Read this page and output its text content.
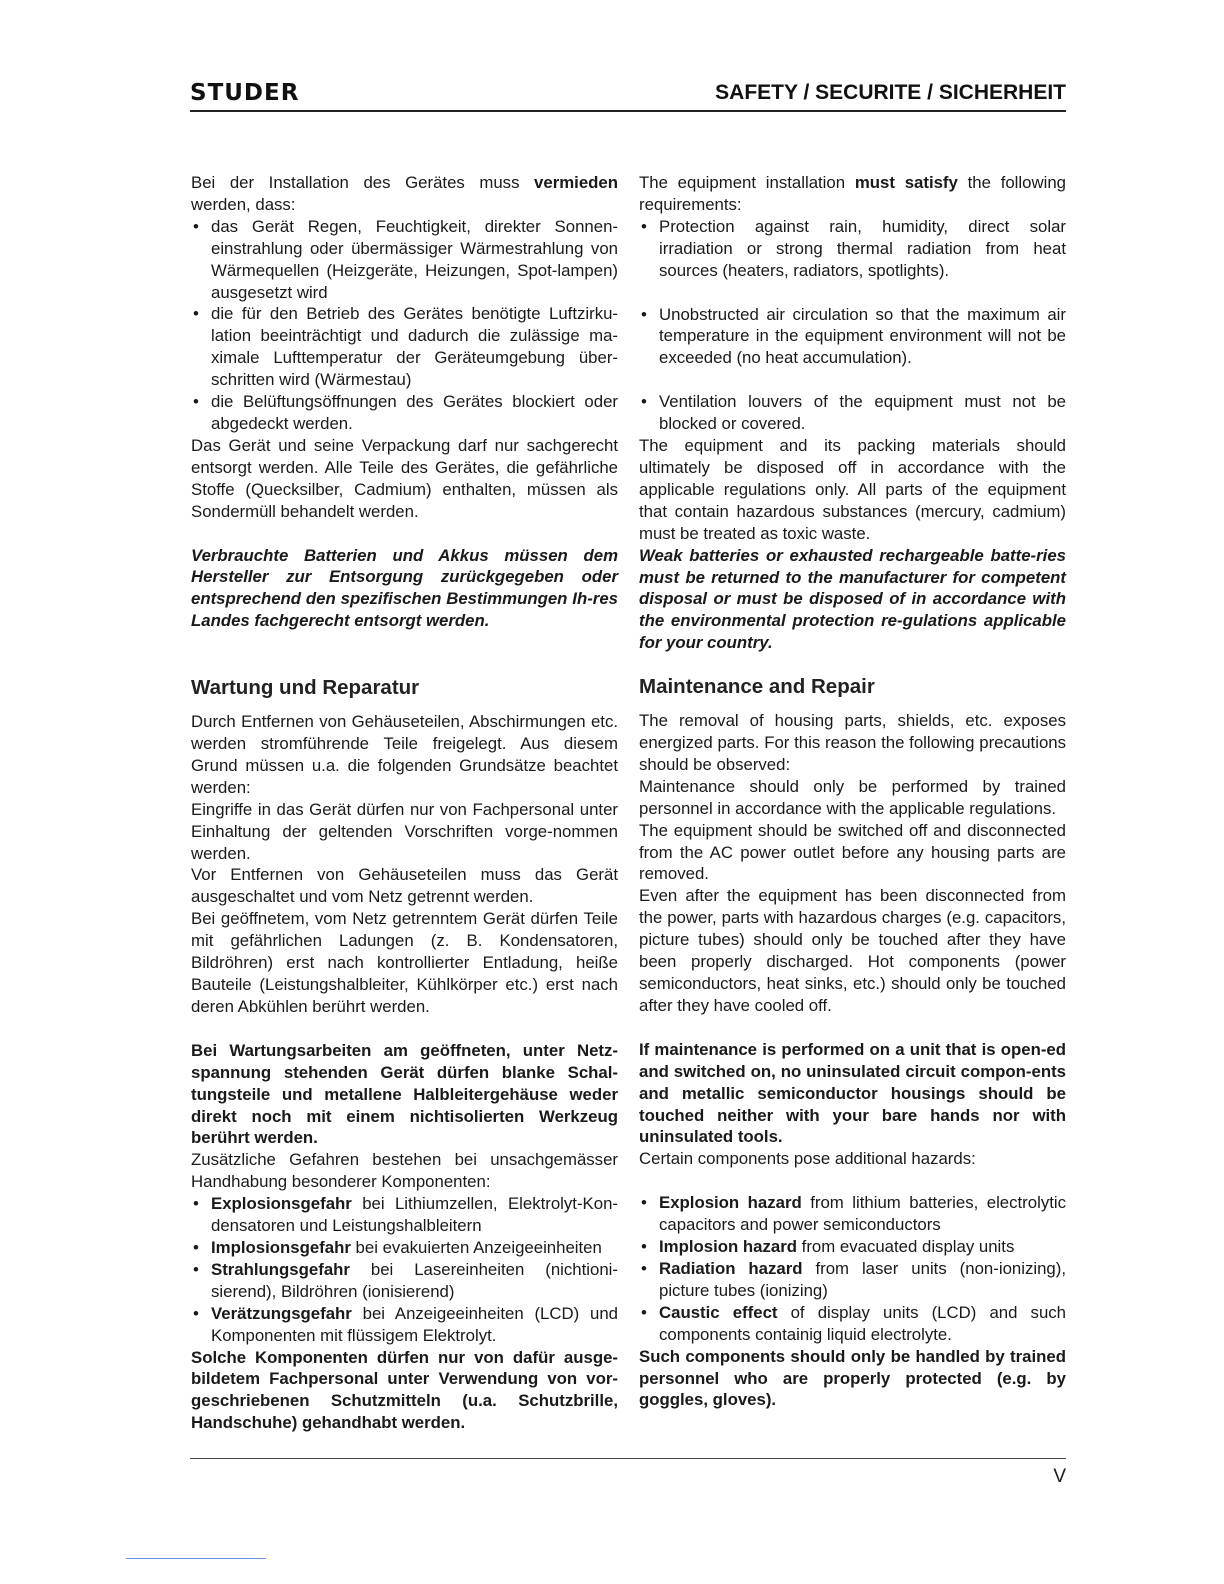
STUDER	SAFETY / SECURITE / SICHERHEIT

Bei der Installation des Gerätes muss vermieden werden, dass:

• das Gerät Regen, Feuchtigkeit, direkter Sonnen-einstrahlung oder übermässiger Wärmestrahlung von Wärmequellen (Heizgeräte, Heizungen, Spot-lampen) ausgesetzt wird
• die für den Betrieb des Gerätes benötigte Luftzirku-lation beeinträchtigt und dadurch die zulässige ma-ximale Lufttemperatur der Geräteumgebung über-schritten wird (Wärmestau)
• die Belüftungsöffnungen des Gerätes blockiert oder abgedeckt werden.

Das Gerät und seine Verpackung darf nur sachgerecht entsorgt werden. Alle Teile des Gerätes, die gefährliche Stoffe (Quecksilber, Cadmium) enthalten, müssen als Sondermüll behandelt werden.

Verbrauchte Batterien und Akkus müssen dem Hersteller zur Entsorgung zurückgegeben oder entsprechend den spezifischen Bestimmungen Ih-res Landes fachgerecht entsorgt werden.

Wartung und Reparatur

Durch Entfernen von Gehäuseteilen, Abschirmungen etc. werden stromführende Teile freigelegt. Aus diesem Grund müssen u.a. die folgenden Grundsätze beachtet werden:

Eingriffe in das Gerät dürfen nur von Fachpersonal unter Einhaltung der geltenden Vorschriften vorge-nommen werden.

Vor Entfernen von Gehäuseteilen muss das Gerät ausgeschaltet und vom Netz getrennt werden.

Bei geöffnetem, vom Netz getrenntem Gerät dürfen Teile mit gefährlichen Ladungen (z. B. Kondensatoren, Bildröhren) erst nach kontrollierter Entladung, heiße Bauteile (Leistungshalbleiter, Kühlkörper etc.) erst nach deren Abkühlen berührt werden.

Bei Wartungsarbeiten am geöffneten, unter Netz-spannung stehenden Gerät dürfen blanke Schal-tungsteile und metallene Halbleitergehäuse weder direkt noch mit einem nichtisolierten Werkzeug berührt werden.

Zusätzliche Gefahren bestehen bei unsachgemässer Handhabung besonderer Komponenten:

• Explosionsgefahr bei Lithiumzellen, Elektrolyt-Kon-densatoren und Leistungshalbleitern
• Implosionsgefahr bei evakuierten Anzeigeeinheiten
• Strahlungsgefahr bei Lasereinheiten (nichtioni-sierend), Bildröhren (ionisierend)
• Verätzungsgefahr bei Anzeigeeinheiten (LCD) und Komponenten mit flüssigem Elektrolyt.

Solche Komponenten dürfen nur von dafür ausge-bildetem Fachpersonal unter Verwendung von vor-geschriebenen Schutzmitteln (u.a. Schutzbrille, Handschuhe) gehandhabt werden.

The equipment installation must satisfy the following requirements:

• Protection against rain, humidity, direct solar irradiation or strong thermal radiation from heat sources (heaters, radiators, spotlights).
• Unobstructed air circulation so that the maximum air temperature in the equipment environment will not be exceeded (no heat accumulation).
• Ventilation louvers of the equipment must not be blocked or covered.

The equipment and its packing materials should ultimately be disposed off in accordance with the applicable regulations only. All parts of the equipment that contain hazardous substances (mercury, cadmium) must be treated as toxic waste.

Weak batteries or exhausted rechargeable batte-ries must be returned to the manufacturer for competent disposal or must be disposed of in accordance with the environmental protection re-gulations applicable for your country.

Maintenance and Repair

The removal of housing parts, shields, etc. exposes energized parts. For this reason the following precautions should be observed:

Maintenance should only be performed by trained personnel in accordance with the applicable regulations.

The equipment should be switched off and disconnected from the AC power outlet before any housing parts are removed.

Even after the equipment has been disconnected from the power, parts with hazardous charges (e.g. capacitors, picture tubes) should only be touched after they have been properly discharged. Hot components (power semiconductors, heat sinks, etc.) should only be touched after they have cooled off.

If maintenance is performed on a unit that is open-ed and switched on, no uninsulated circuit compon-ents and metallic semiconductor housings should be touched neither with your bare hands nor with uninsulated tools.

Certain components pose additional hazards:

• Explosion hazard from lithium batteries, electrolytic capacitors and power semiconductors
• Implosion hazard from evacuated display units
• Radiation hazard from laser units (non-ionizing), picture tubes (ionizing)
• Caustic effect of display units (LCD) and such components containig liquid electrolyte.

Such components should only be handled by trained personnel who are properly protected (e.g. by goggles, gloves).

V
